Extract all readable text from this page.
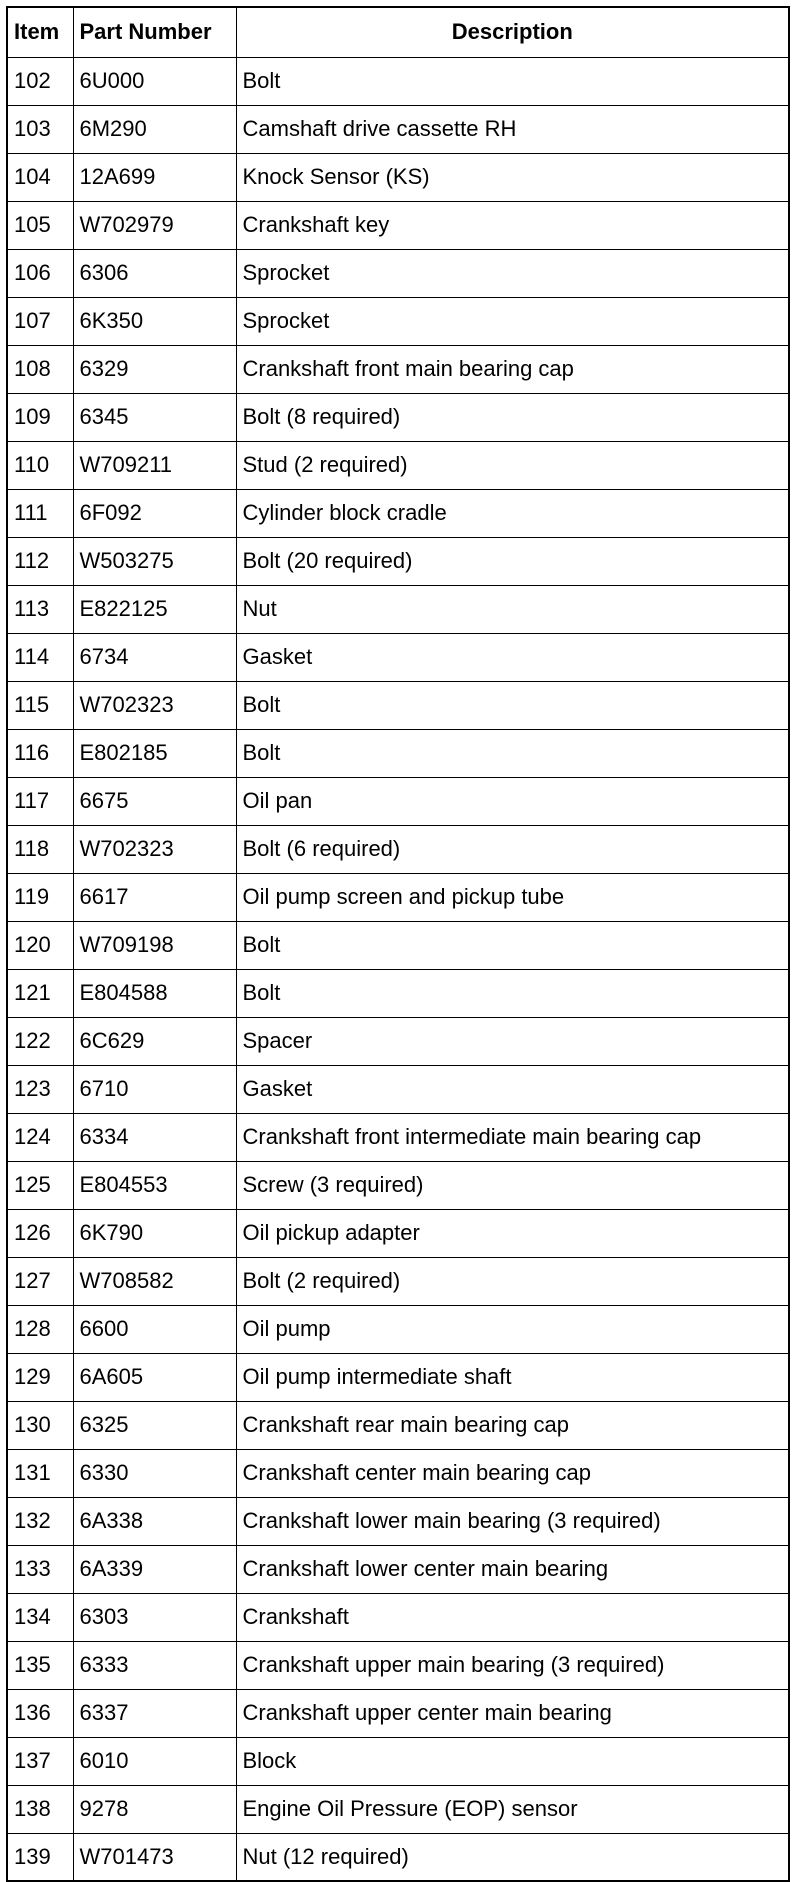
Item	Part Number	Description
102	6U000	Bolt
103	6M290	Camshaft drive cassette RH
104	12A699	Knock Sensor (KS)
105	W702979	Crankshaft key
106	6306	Sprocket
107	6K350	Sprocket
108	6329	Crankshaft front main bearing cap
109	6345	Bolt (8 required)
110	W709211	Stud (2 required)
111	6F092	Cylinder block cradle
112	W503275	Bolt (20 required)
113	E822125	Nut
114	6734	Gasket
115	W702323	Bolt
116	E802185	Bolt
117	6675	Oil pan
118	W702323	Bolt (6 required)
119	6617	Oil pump screen and pickup tube
120	W709198	Bolt
121	E804588	Bolt
122	6C629	Spacer
123	6710	Gasket
124	6334	Crankshaft front intermediate main bearing cap
125	E804553	Screw (3 required)
126	6K790	Oil pickup adapter
127	W708582	Bolt (2 required)
128	6600	Oil pump
129	6A605	Oil pump intermediate shaft
130	6325	Crankshaft rear main bearing cap
131	6330	Crankshaft center main bearing cap
132	6A338	Crankshaft lower main bearing (3 required)
133	6A339	Crankshaft lower center main bearing
134	6303	Crankshaft
135	6333	Crankshaft upper main bearing (3 required)
136	6337	Crankshaft upper center main bearing
137	6010	Block
138	9278	Engine Oil Pressure (EOP) sensor
139	W701473	Nut (12 required)
